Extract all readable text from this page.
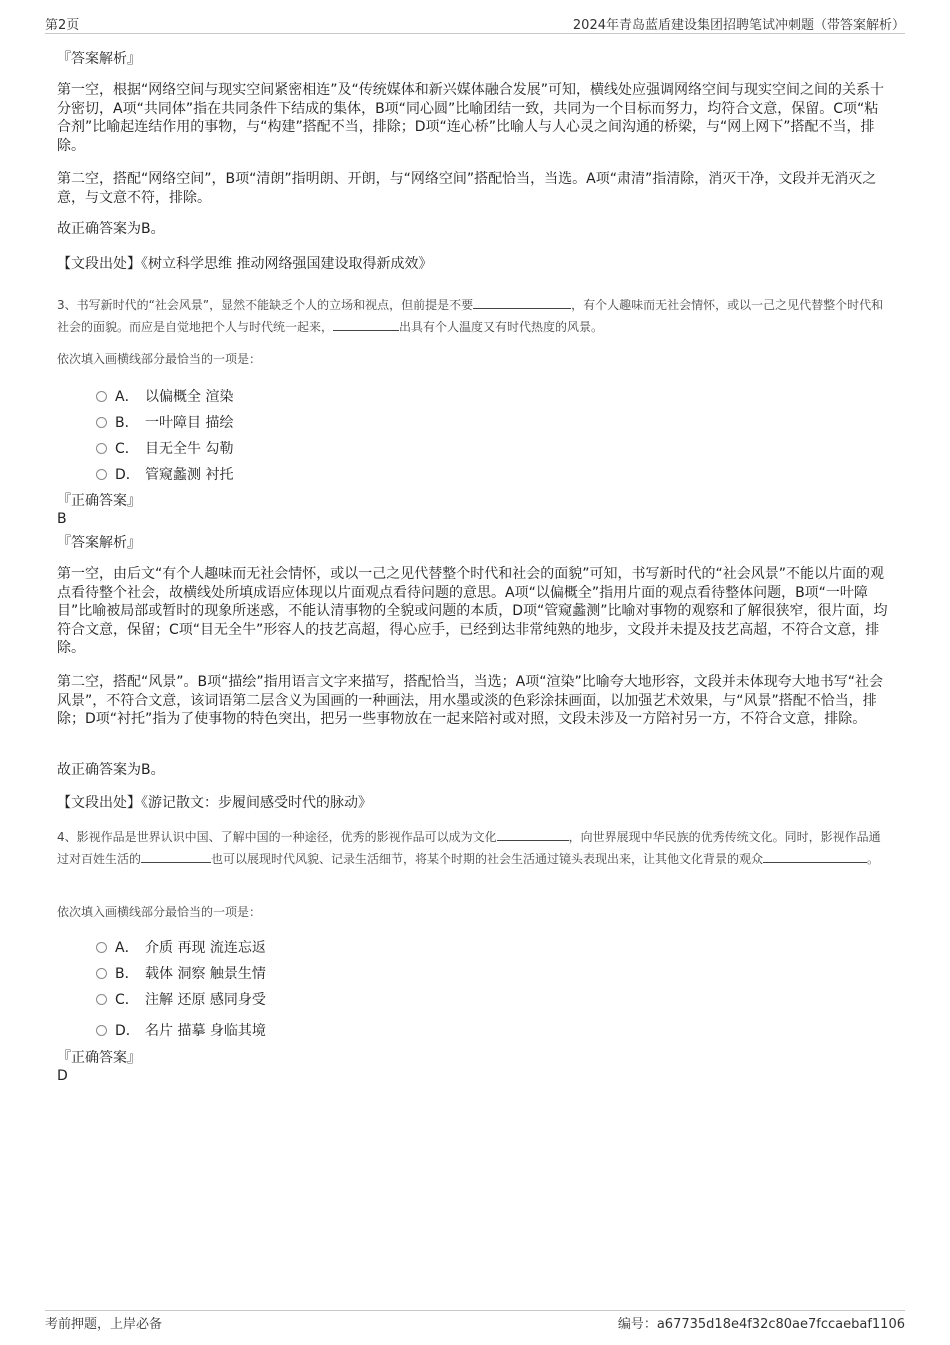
第2页	2024年青岛蓝盾建设集团招聘笔试冲刺题（带答案解析）
『答案解析』

第一空，根据“网络空间与现实空间紧密相连”及“传统媒体和新兴媒体融合发展”可知，横线处应强调网络空间与现实空间之间的关系十分密切，A项“共同体”指在共同条件下结成的集体，B项“同心圆”比喻团结一致，共同为一个目标而努力，均符合文意，保留。C项“粘合剂”比喻起连结作用的事物，与“构建”搭配不当，排除；D项“连心桥”比喻人与人心灵之间沟通的桥梁，与“网上网下”搭配不当，排除。

第二空，搭配“网络空间”，B项“清朗”指明朗、开朗，与“网络空间”搭配恰当，当选。A项“肃清”指清除，消灭干净，文段并无消灭之意，与文意不符，排除。

故正确答案为B。

【文段出处】《树立科学思维 推动网络强国建设取得新成效》

3、书写新时代的“社会风景”，显然不能缺乏个人的立场和视点，但前提是不要	，有个人趣味而无社会情怀，或以一己之见代替整个时代和社会的面貌。而应是自觉地把个人与时代统一起来，	出具有个人温度又有时代热度的风景。
依次填入画横线部分最恰当的一项是：
A． 以偏概全 渲染
B． 一叶障目 描绘
C． 目无全牛 勾勒
D． 管窥蠡测 衬托
『正确答案』
B
『答案解析』

第一空，由后文“有个人趣味而无社会情怀，或以一己之见代替整个时代和社会的面貌”可知，书写新时代的“社会风景”不能以片面的观点看待整个社会，故横线处所填成语应体现以片面观点看待问题的意思。A项“以偏概全”指用片面的观点看待整体问题，B项“一叶障目”比喻被局部或暂时的现象所迷惑，不能认清事物的全貌或问题的本质，D项“管窥蠡测”比喻对事物的观察和了解很狭窄，很片面，均符合文意，保留；C项“目无全牛”形容人的技艺高超，得心应手，已经到达非常纯熟的地步，文段并未提及技艺高超，不符合文意，排除。

第二空，搭配“风景”。B项“描绘”指用语言文字来描写，搭配恰当，当选；A项“渲染”比喻夸大地形容，文段并未体现夸大地书写“社会风景”，不符合文意，该词语第二层含义为国画的一种画法，用水墨或淡的色彩涂抹画面，以加强艺术效果，与“风景”搭配不恰当，排除；D项“衬托”指为了使事物的特色突出，把另一些事物放在一起来陪衬或对照，文段未涉及一方陪衬另一方，不符合文意，排除。

故正确答案为B。

【文段出处】《游记散文：步履间感受时代的脉动》

4、影视作品是世界认识中国、了解中国的一种途径，优秀的影视作品可以成为文化	，向世界展现中华民族的优秀传统文化。同时，影视作品通过对百姓生活的	也可以展现时代风貌、记录生活细节，将某个时期的社会生活通过镜头表现出来，让其他文化背景的观众	。
依次填入画横线部分最恰当的一项是：
A． 介质 再现 流连忘返
B． 载体 洞察 触景生情
C． 注解 还原 感同身受
D． 名片 描摹 身临其境
『正确答案』
D
考前押题，上岸必备	编号：a67735d18e4f32c80ae7fccaebaf1106
